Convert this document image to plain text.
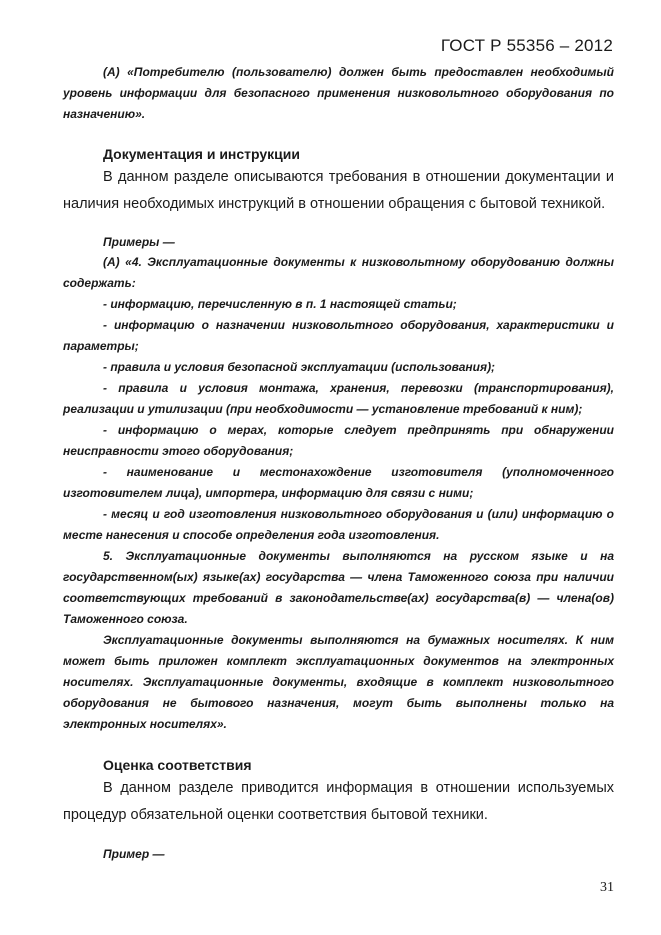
ГОСТ Р 55356 – 2012

(А) «Потребителю (пользователю) должен быть предоставлен необходимый уровень информации для безопасного применения низковольтного оборудования по назначению».

Документация и инструкции

В данном разделе описываются требования в отношении документации и наличия необходимых инструкций в отношении обращения с бытовой техникой.

Примеры —

(А) «4. Эксплуатационные документы к низковольтному оборудованию должны содержать:

- информацию, перечисленную в п. 1 настоящей статьи;

- информацию о назначении низковольтного оборудования, характеристики и параметры;

- правила и условия безопасной эксплуатации (использования);

- правила и условия монтажа, хранения, перевозки (транспортирования), реализации и утилизации (при необходимости — установление требований к ним);

- информацию о мерах, которые следует предпринять при обнаружении неисправности этого оборудования;

- наименование и местонахождение изготовителя (уполномоченного изготовителем лица), импортера, информацию для связи с ними;

- месяц и год изготовления низковольтного оборудования и (или) информацию о месте нанесения и способе определения года изготовления.

5. Эксплуатационные документы выполняются на русском языке и на государственном(ых) языке(ах) государства — члена Таможенного союза при наличии соответствующих требований в законодательстве(ах) государства(в) — члена(ов) Таможенного союза.

Эксплуатационные документы выполняются на бумажных носителях. К ним может быть приложен комплект эксплуатационных документов на электронных носителях. Эксплуатационные документы, входящие в комплект низковольтного оборудования не бытового назначения, могут быть выполнены только на электронных носителях».

Оценка соответствия

В данном разделе приводится информация в отношении используемых процедур обязательной оценки соответствия бытовой техники.

Пример —
31
